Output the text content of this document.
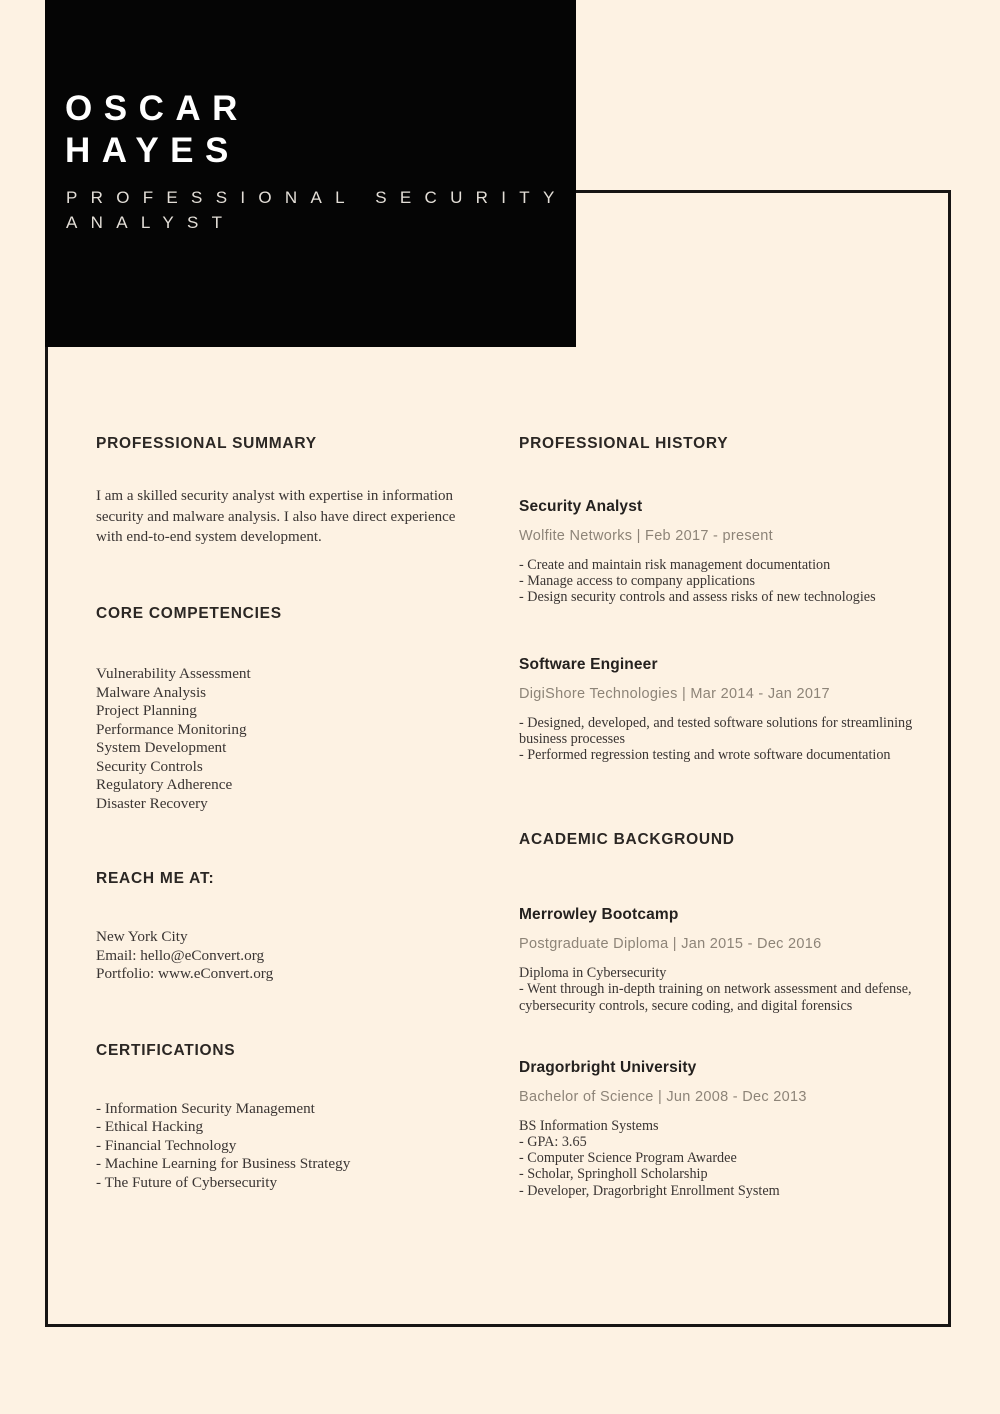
OSCAR
HAYES
PROFESSIONAL SECURITY
ANALYST
PROFESSIONAL SUMMARY
I am a skilled security analyst with expertise in information security and malware analysis. I also have direct experience with end-to-end system development.
CORE COMPETENCIES
Vulnerability Assessment
Malware Analysis
Project Planning
Performance Monitoring
System Development
Security Controls
Regulatory Adherence
Disaster Recovery
REACH ME AT:
New York City
Email: hello@eConvert.org
Portfolio: www.eConvert.org
CERTIFICATIONS
- Information Security Management
- Ethical Hacking
- Financial Technology
- Machine Learning for Business Strategy
- The Future of Cybersecurity
PROFESSIONAL HISTORY
Security Analyst
Wolfite Networks | Feb 2017 - present
- Create and maintain risk management documentation
- Manage access to company applications
- Design security controls and assess risks of new technologies
Software Engineer
DigiShore Technologies | Mar 2014 - Jan 2017
- Designed, developed, and tested software solutions for streamlining business processes
- Performed regression testing and wrote software documentation
ACADEMIC BACKGROUND
Merrowley Bootcamp
Postgraduate Diploma | Jan 2015 - Dec 2016
Diploma in Cybersecurity
- Went through in-depth training on network assessment and defense, cybersecurity controls, secure coding, and digital forensics
Dragorbright University
Bachelor of Science | Jun 2008 - Dec 2013
BS Information Systems
- GPA: 3.65
- Computer Science Program Awardee
- Scholar, Springholl Scholarship
- Developer, Dragorbright Enrollment System
